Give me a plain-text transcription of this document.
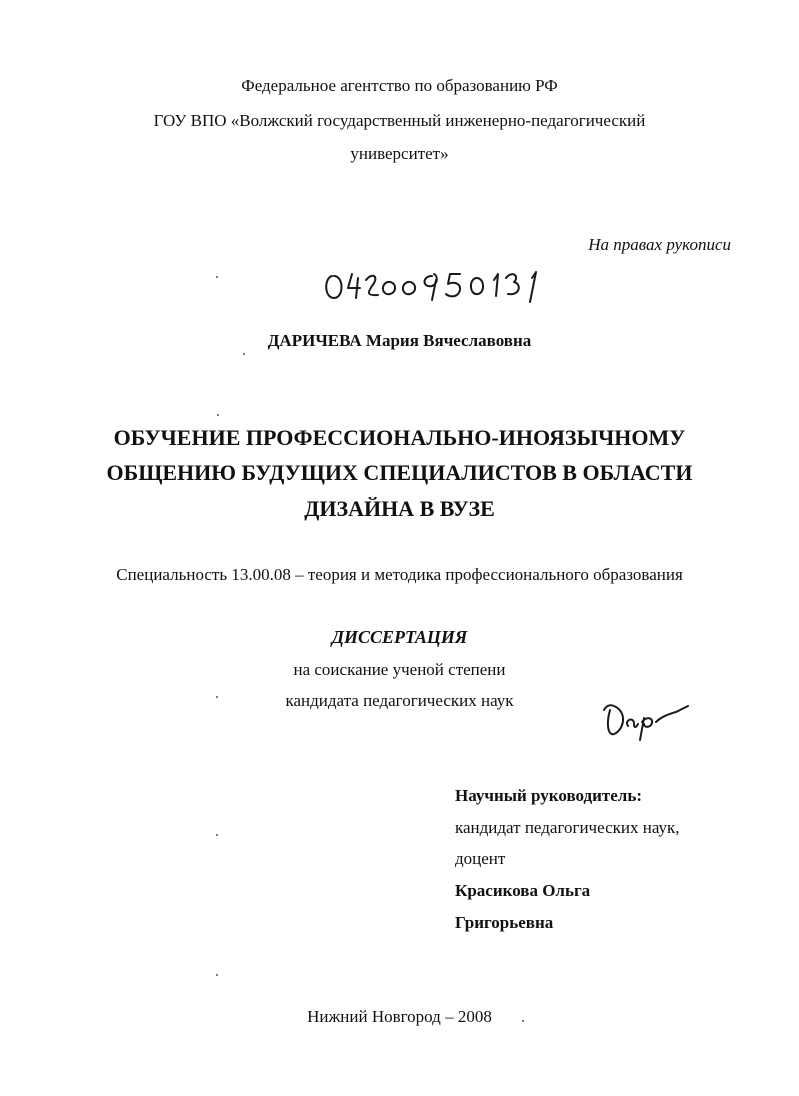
Федеральное агентство по образованию РФ
ГОУ ВПО «Волжский государственный инженерно-педагогический
университет»
На правах рукописи
ДАРИЧЕВА Мария Вячеславовна
ОБУЧЕНИЕ ПРОФЕССИОНАЛЬНО-ИНОЯЗЫЧНОМУ
ОБЩЕНИЮ БУДУЩИХ СПЕЦИАЛИСТОВ В ОБЛАСТИ
ДИЗАЙНА В ВУЗЕ
Специальность 13.00.08 – теория и методика профессионального образования
ДИССЕРТАЦИЯ
на соискание ученой степени
кандидата педагогических наук
Научный руководитель:
кандидат педагогических наук,
доцент
Красикова Ольга
Григорьевна
Нижний Новгород – 2008
